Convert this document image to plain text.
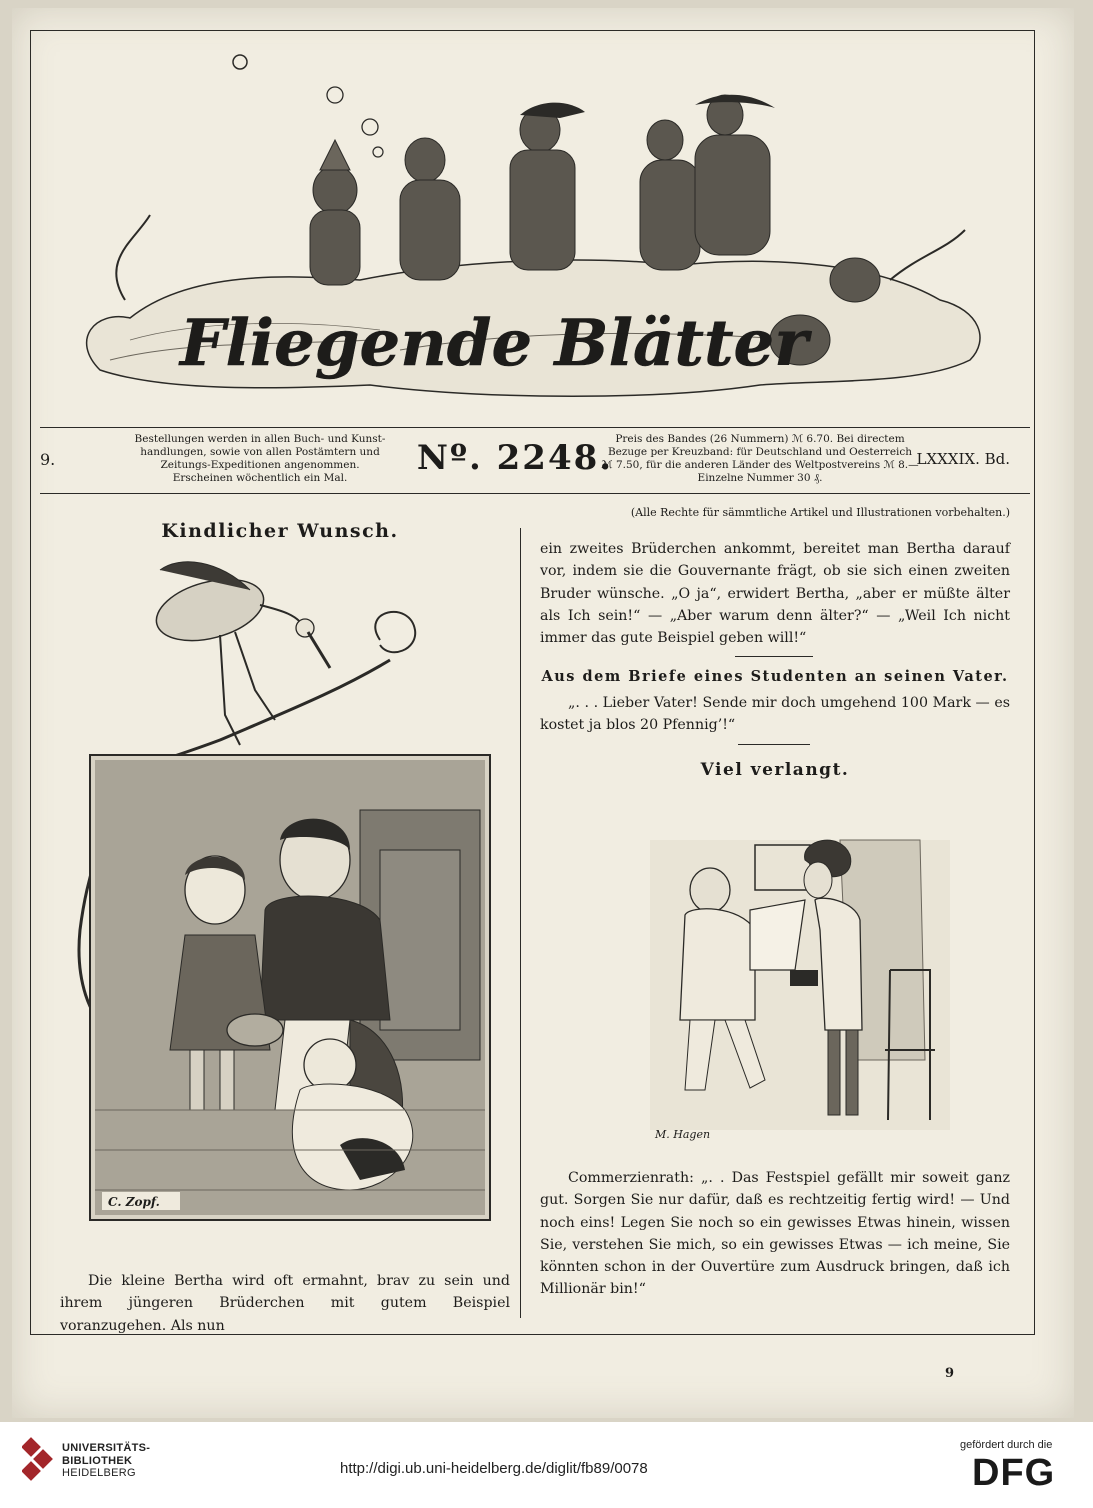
Fliegende Blätter
9.
Bestellungen werden in allen Buch- und Kunst-
handlungen, sowie von allen Postämtern und
Zeitungs-Expeditionen angenommen.
Erscheinen wöchentlich ein Mal.	Nº. 2248. Preis des Bandes (26 Nummern) ℳ 6.70. Bei directem
Bezuge per Kreuzband: für Deutschland und Oesterreich
ℳ 7.50, für die anderen Länder des Weltpostvereins ℳ 8.—
Einzelne Nummer 30 ₰.
LXXXIX. Bd.
(Alle Rechte für sämmtliche Artikel und Illustrationen vorbehalten.)
Kindlicher Wunsch.
C. Zopf.
Die kleine Bertha wird oft ermahnt, brav zu sein und ihrem jüngeren Brüderchen mit gutem Beispiel voranzugehen. Als nun
ein zweites Brüderchen ankommt, bereitet man Bertha darauf vor, indem sie die Gouvernante frägt, ob sie sich einen zweiten Bruder wünsche. „O ja“, erwidert Bertha, „aber er müßte älter als Ich sein!“ — „Aber warum denn älter?“ — „Weil Ich nicht immer das gute Beispiel geben will!“
Aus dem Briefe eines Studenten an seinen Vater.
„. . . Lieber Vater! Sende mir doch umgehend 100 Mark — es kostet ja blos 20 Pfennig’!“
Viel verlangt.
M. Hagen
Commerzienrath: „. . Das Festspiel gefällt mir soweit ganz gut. Sorgen Sie nur dafür, daß es rechtzeitig fertig wird! — Und noch eins! Legen Sie noch so ein gewisses Etwas hinein, wissen Sie, verstehen Sie mich, so ein gewisses Etwas — ich meine, Sie könnten schon in der Ouvertüre zum Ausdruck bringen, daß ich Millionär bin!“
9
UNIVERSITÄTS-
BIBLIOTHEK
HEIDELBERG	http://digi.ub.uni-heidelberg.de/diglit/fb89/0078
gefördert durch die
DFG
